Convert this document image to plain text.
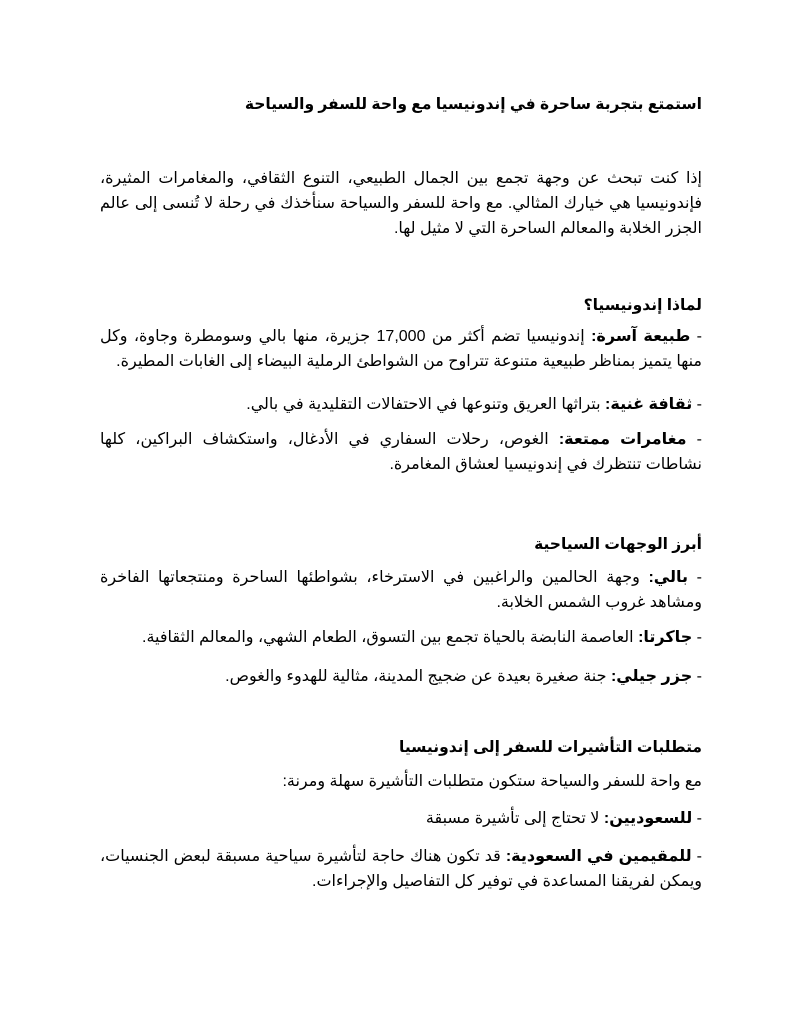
استمتع بتجربة ساحرة في إندونيسيا مع واحة للسفر والسياحة
إذا كنت تبحث عن وجهة تجمع بين الجمال الطبيعي، التنوع الثقافي، والمغامرات المثيرة، فإندونيسيا هي خيارك المثالي. مع واحة للسفر والسياحة سنأخذك في رحلة لا تُنسى إلى عالم الجزر الخلابة والمعالم الساحرة التي لا مثيل لها.
لماذا إندونيسيا؟
- طبيعة آسرة: إندونيسيا تضم أكثر من 17,000 جزيرة، منها بالي وسومطرة وجاوة، وكل منها يتميز بمناظر طبيعية متنوعة تتراوح من الشواطئ الرملية البيضاء إلى الغابات المطيرة.
- ثقافة غنية: بتراثها العريق وتنوعها في الاحتفالات التقليدية في بالي.
- مغامرات ممتعة: الغوص، رحلات السفاري في الأدغال، واستكشاف البراكين، كلها نشاطات تنتظرك في إندونيسيا لعشاق المغامرة.
أبرز الوجهات السياحية
- بالي: وجهة الحالمين والراغبين في الاسترخاء، بشواطئها الساحرة ومنتجعاتها الفاخرة ومشاهد غروب الشمس الخلابة.
- جاكرتا: العاصمة النابضة بالحياة تجمع بين التسوق، الطعام الشهي، والمعالم الثقافية.
- جزر جيلي: جنة صغيرة بعيدة عن ضجيج المدينة، مثالية للهدوء والغوص.
متطلبات التأشيرات للسفر إلى إندونيسيا
مع واحة للسفر والسياحة ستكون متطلبات التأشيرة سهلة ومرنة:
- للسعوديين: لا تحتاج إلى تأشيرة مسبقة
- للمقيمين في السعودية: قد تكون هناك حاجة لتأشيرة سياحية مسبقة لبعض الجنسيات، ويمكن لفريقنا المساعدة في توفير كل التفاصيل والإجراءات.
